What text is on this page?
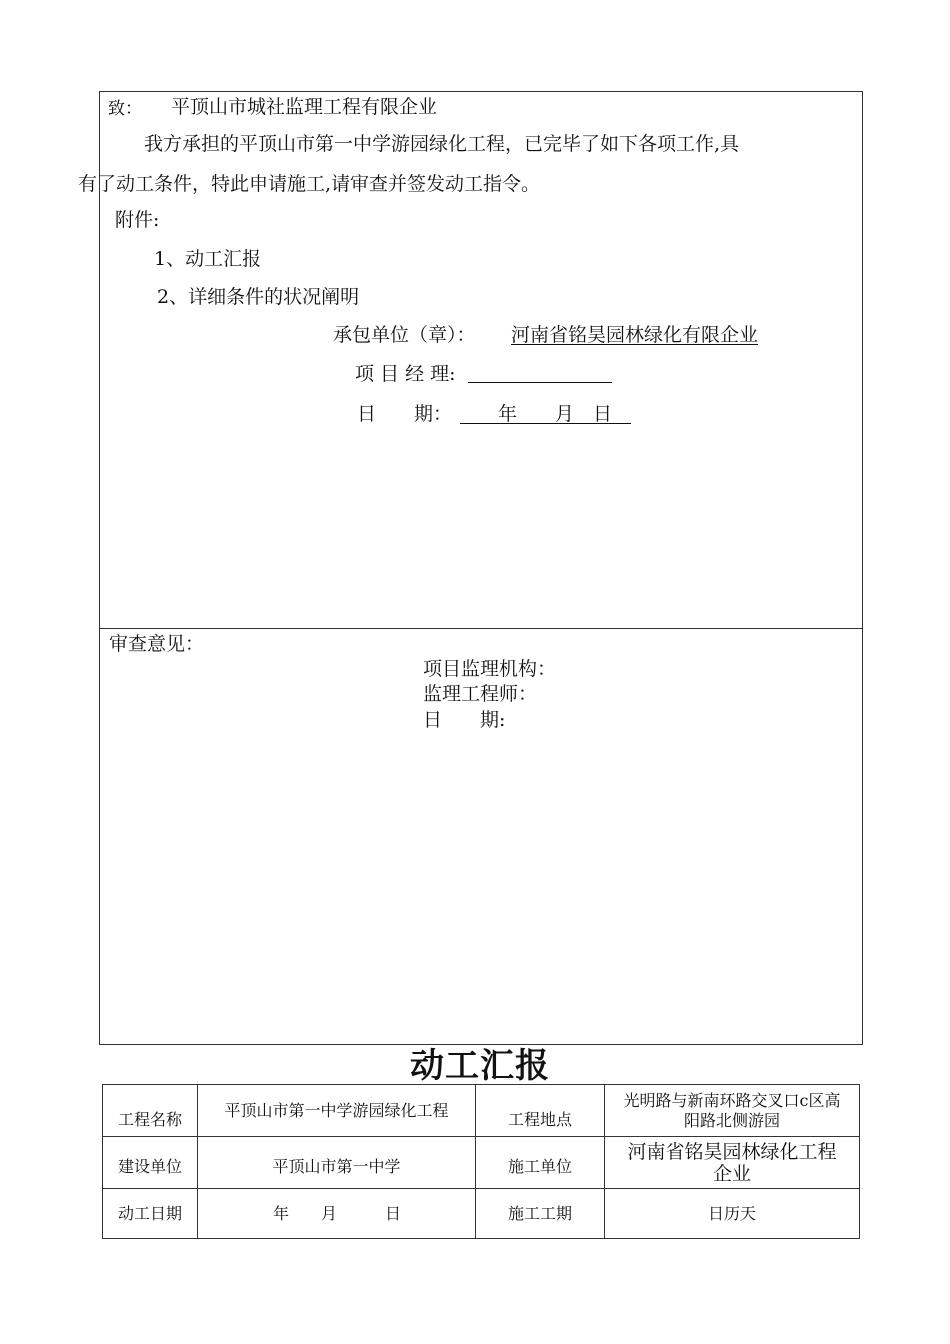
致： 平顶山市城社监理工程有限企业
我方承担的平顶山市第一中学游园绿化工程，已完毕了如下各项工作,具
有了动工条件，特此申请施工,请审查并签发动工指令。
附件:
1、动工汇报
2、详细条件的状况阐明
承包单位（章）： 河南省铭昊园林绿化有限企业
项 目 经 理:
日　　期： 　　年　　月　日　
审查意见：
项目监理机构：
监理工程师：
日　　期:
动工汇报
工程名称	平顶山市第一中学游园绿化工程	工程地点	光明路与新南环路交叉口c区高阳路北侧游园
建设单位	平顶山市第一中学	施工单位	河南省铭昊园林绿化工程企业

动工日期	年　　月　　　日	施工工期	日历天
